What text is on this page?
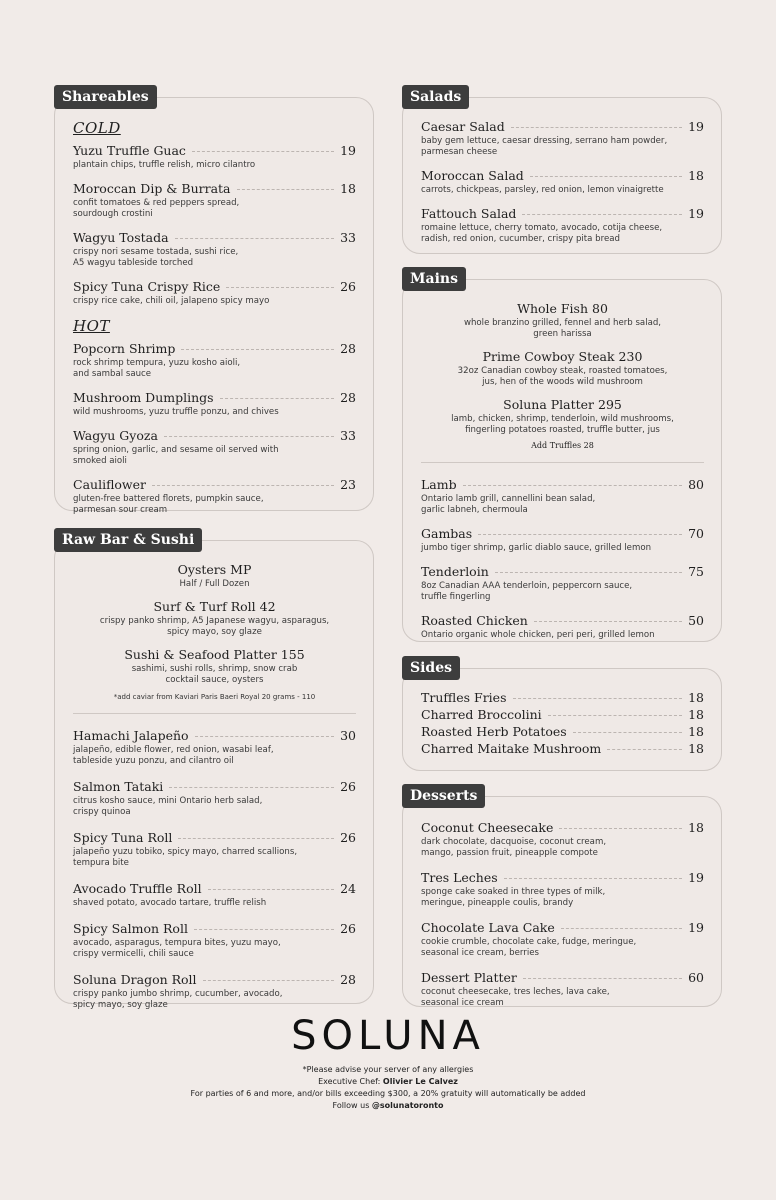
Shareables
COLD
Yuzu Truffle Guac	19
plantain chips, truffle relish, micro cilantro
Moroccan Dip & Burrata	18
confit tomatoes & red peppers spread,
sourdough crostini
Wagyu Tostada	33
crispy nori sesame tostada, sushi rice,
A5 wagyu tableside torched
Spicy Tuna Crispy Rice	26
crispy rice cake, chili oil, jalapeno spicy mayo
HOT
Popcorn Shrimp	28
rock shrimp tempura, yuzu kosho aioli,
and sambal sauce
Mushroom Dumplings	28
wild mushrooms, yuzu truffle ponzu, and chives
Wagyu Gyoza	33
spring onion, garlic, and sesame oil served with
smoked aioli
Cauliflower	23
gluten-free battered florets, pumpkin sauce,
parmesan sour cream
Raw Bar & Sushi
Oysters MP
Half / Full Dozen
Surf & Turf Roll 42
crispy panko shrimp, A5 Japanese wagyu, asparagus,
spicy mayo, soy glaze
Sushi & Seafood Platter 155
sashimi, sushi rolls, shrimp, snow crab
cocktail sauce, oysters
*add caviar from Kaviari Paris Baeri Royal 20 grams - 110
Hamachi Jalapeño	30
jalapeño, edible flower, red onion, wasabi leaf,
tableside yuzu ponzu, and cilantro oil
Salmon Tataki	26
citrus kosho sauce, mini Ontario herb salad,
crispy quinoa
Spicy Tuna Roll	26
jalapeño yuzu tobiko, spicy mayo, charred scallions,
tempura bite
Avocado Truffle Roll	24
shaved potato, avocado tartare, truffle relish
Spicy Salmon Roll	26
avocado, asparagus, tempura bites, yuzu mayo,
crispy vermicelli, chili sauce
Soluna Dragon Roll	28
crispy panko jumbo shrimp, cucumber, avocado,
spicy mayo, soy glaze
Salads
Caesar Salad	19
baby gem lettuce, caesar dressing, serrano ham powder,
parmesan cheese
Moroccan Salad	18
carrots, chickpeas, parsley, red onion, lemon vinaigrette
Fattouch Salad	19
romaine lettuce, cherry tomato, avocado, cotija cheese,
radish, red onion, cucumber, crispy pita bread
Mains
Whole Fish 80
whole branzino grilled, fennel and herb salad,
green harissa
Prime Cowboy Steak 230
32oz Canadian cowboy steak, roasted tomatoes,
jus, hen of the woods wild mushroom
Soluna Platter 295
lamb, chicken, shrimp, tenderloin, wild mushrooms,
fingerling potatoes roasted, truffle butter, jus
Add Truffles 28
Lamb	80
Ontario lamb grill, cannellini bean salad,
garlic labneh, chermoula
Gambas	70
jumbo tiger shrimp, garlic diablo sauce, grilled lemon
Tenderloin	75
8oz Canadian AAA tenderloin, peppercorn sauce,
truffle fingerling
Roasted Chicken	50
Ontario organic whole chicken, peri peri, grilled lemon
Sides
Truffles Fries	18
Charred Broccolini	18
Roasted Herb Potatoes	18
Charred Maitake Mushroom	18
Desserts
Coconut Cheesecake	18
dark chocolate, dacquoise, coconut cream,
mango, passion fruit, pineapple compote
Tres Leches	19
sponge cake soaked in three types of milk,
meringue, pineapple coulis, brandy
Chocolate Lava Cake	19
cookie crumble, chocolate cake, fudge, meringue,
seasonal ice cream, berries
Dessert Platter	60
coconut cheesecake, tres leches, lava cake,
seasonal ice cream
SOLUNA
*Please advise your server of any allergies
Executive Chef: Olivier Le Calvez
For parties of 6 and more, and/or bills exceeding $300, a 20% gratuity will automatically be added
Follow us @solunatoronto
